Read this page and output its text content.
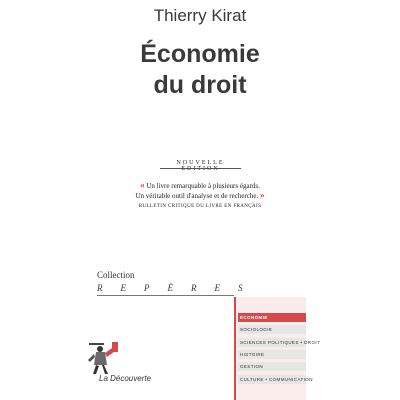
Thierry Kirat
Économie
du droit
NOUVELLE ÉDITION
« Un livre remarquable à plusieurs égards.
Un véritable outil d'analyse et de recherche. »
BULLETIN CRITIQUE DU LIVRE EN FRANÇAIS
Collection
REPÈRES
ÉCONOMIE
SOCIOLOGIE
SCIENCES POLITIQUES • DROIT
HISTOIRE
GESTION
CULTURE • COMMUNICATION
La Découverte
